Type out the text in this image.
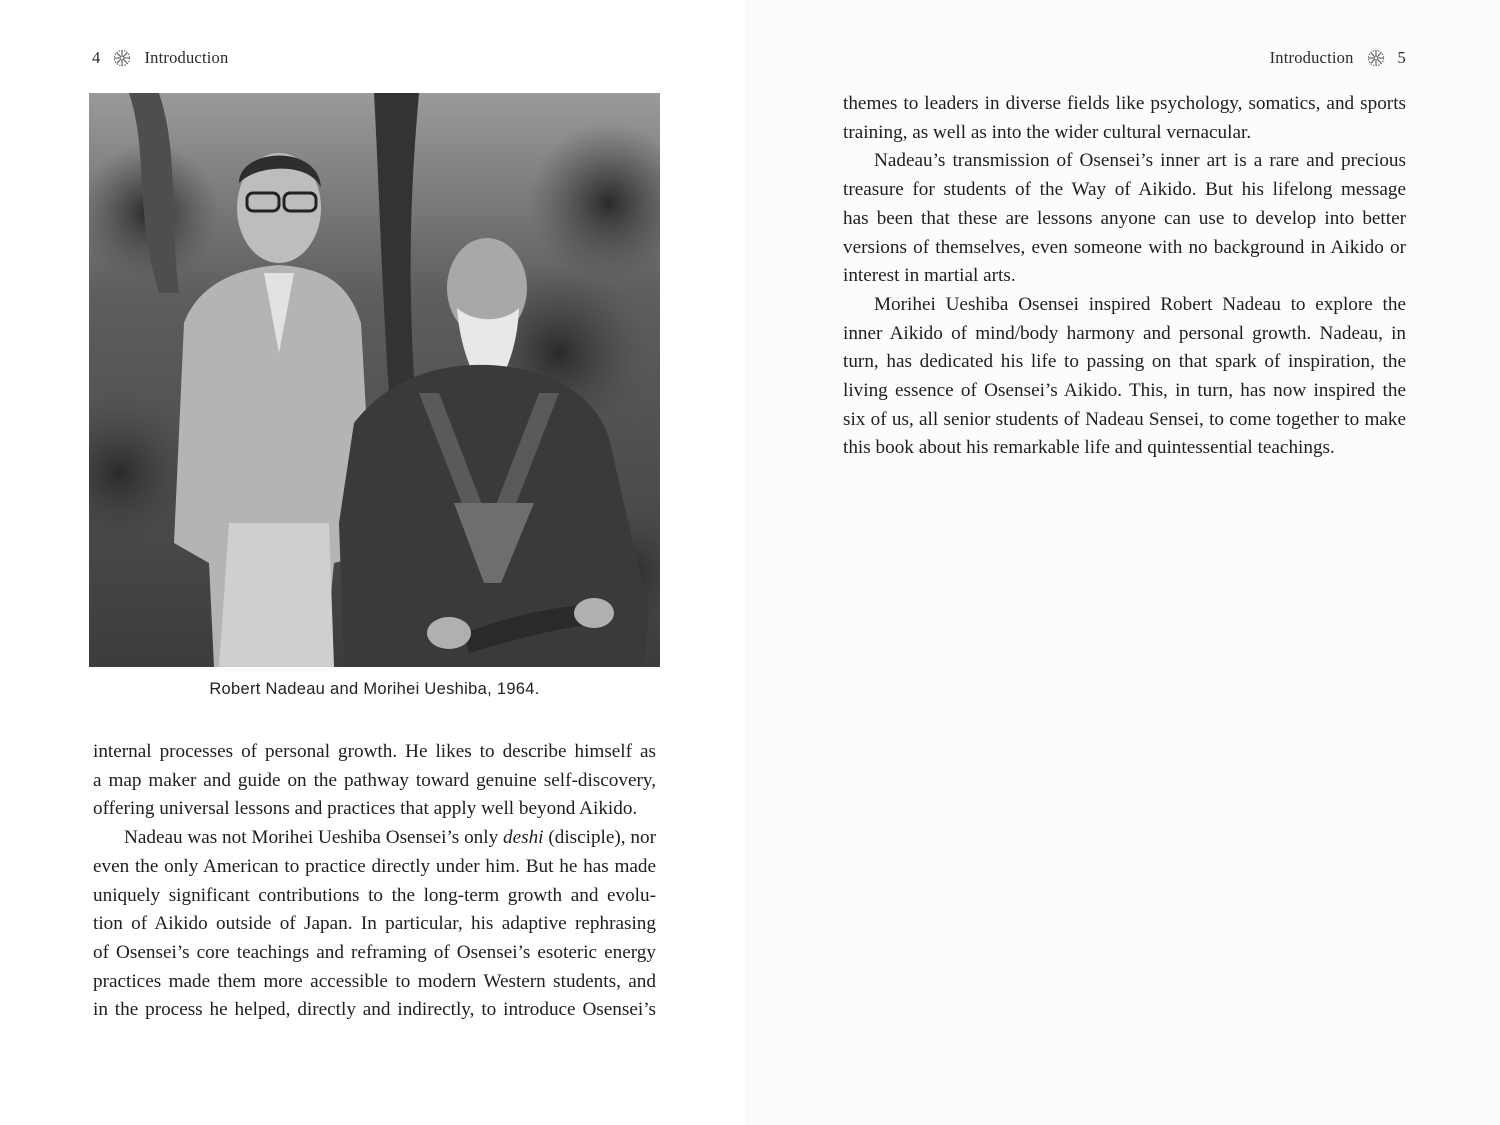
4	Introduction
Robert Nadeau and Morihei Ueshiba, 1964.

internal processes of personal growth. He likes to describe himself as

a map maker and guide on the pathway toward genuine self-discovery,

offering universal lessons and practices that apply well beyond Aikido.

Nadeau was not Morihei Ueshiba Osensei’s only deshi (disciple), nor

even the only American to practice directly under him. But he has made

uniquely significant contributions to the long-term growth and evolu-

tion of Aikido outside of Japan. In particular, his adaptive rephrasing

of Osensei’s core teachings and reframing of Osensei’s esoteric energy

practices made them more accessible to modern Western students, and

in the process he helped, directly and indirectly, to introduce Osensei’s

Introduction	5

themes to leaders in diverse fields like psychology, somatics, and sports

training, as well as into the wider cultural vernacular.

Nadeau’s transmission of Osensei’s inner art is a rare and precious

treasure for students of the Way of Aikido. But his lifelong message

has been that these are lessons anyone can use to develop into better

versions of themselves, even someone with no background in Aikido or

interest in martial arts.

Morihei Ueshiba Osensei inspired Robert Nadeau to explore the

inner Aikido of mind/body harmony and personal growth. Nadeau, in

turn, has dedicated his life to passing on that spark of inspiration, the

living essence of Osensei’s Aikido. This, in turn, has now inspired the

six of us, all senior students of Nadeau Sensei, to come together to make

this book about his remarkable life and quintessential teachings.
